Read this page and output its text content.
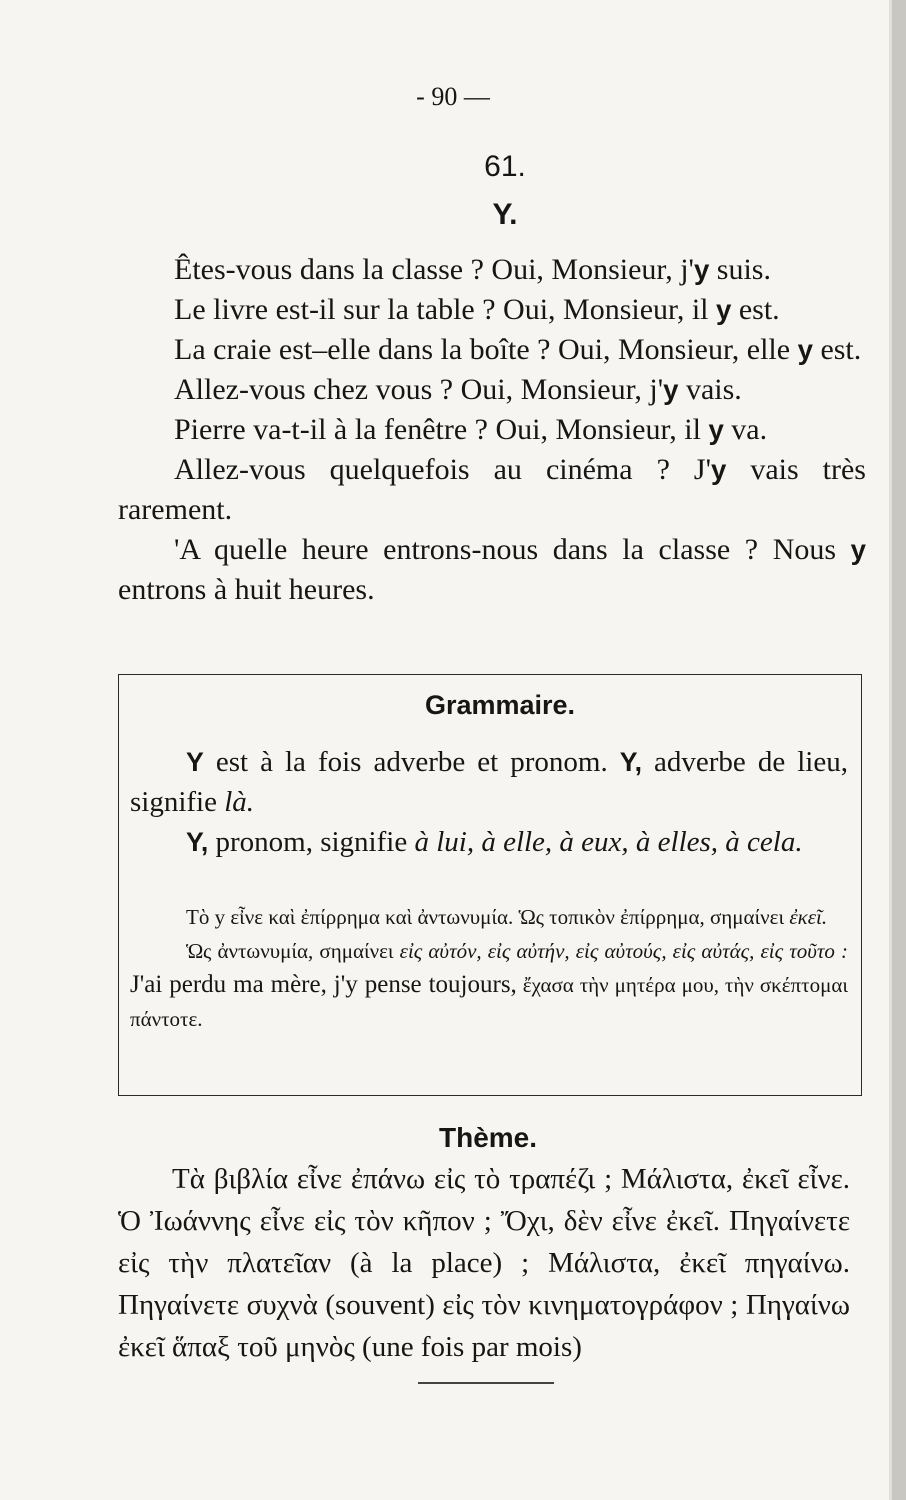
- 90 —
61.
Y.

Êtes-vous dans la classe ? Oui, Monsieur, j'y suis.

Le livre est-il sur la table ? Oui, Monsieur, il y est.

La craie est–elle dans la boîte ? Oui, Monsieur, elle y est.

Allez-vous chez vous ? Oui, Monsieur, j'y vais.

Pierre va-t-il à la fenêtre ? Oui, Monsieur, il y va.

Allez-vous quelquefois au cinéma ? J'y vais très rarement.

'A quelle heure entrons-nous dans la classe ? Nous y entrons à huit heures.

Grammaire.

Y est à la fois adverbe et pronom. Y, adverbe de lieu, signifie là.

Y, pronom, signifie à lui, à elle, à eux, à elles, à cela.

Τὸ y εἶνε καὶ ἐπίρρημα καὶ ἀντωνυμία. Ὡς τοπικὸν ἐπίρρημα, σημαίνει ἐκεῖ.

Ὡς ἀντωνυμία, σημαίνει εἰς αὐτόν, εἰς αὐτήν, εἰς αὐτούς, εἰς αὐτάς, εἰς τοῦτο : J'ai perdu ma mère, j'y pense toujours, ἔχασα τὴν μητέρα μου, τὴν σκέπτομαι πάντοτε.

Thème.

Τὰ βιβλία εἶνε ἐπάνω εἰς τὸ τραπέζι ; Μάλιστα, ἐκεῖ εἶνε. Ὁ Ἰωάννης εἶνε εἰς τὸν κῆπον ; Ὄχι, δὲν εἶνε ἐκεῖ. Πηγαίνετε εἰς τὴν πλατεῖαν (à la place) ; Μάλιστα, ἐκεῖ πηγαίνω. Πηγαίνετε συχνὰ (souvent) εἰς τὸν κινηματογράφον ; Πηγαίνω ἐκεῖ ἅπαξ τοῦ μηνὸς (une fois par mois)
